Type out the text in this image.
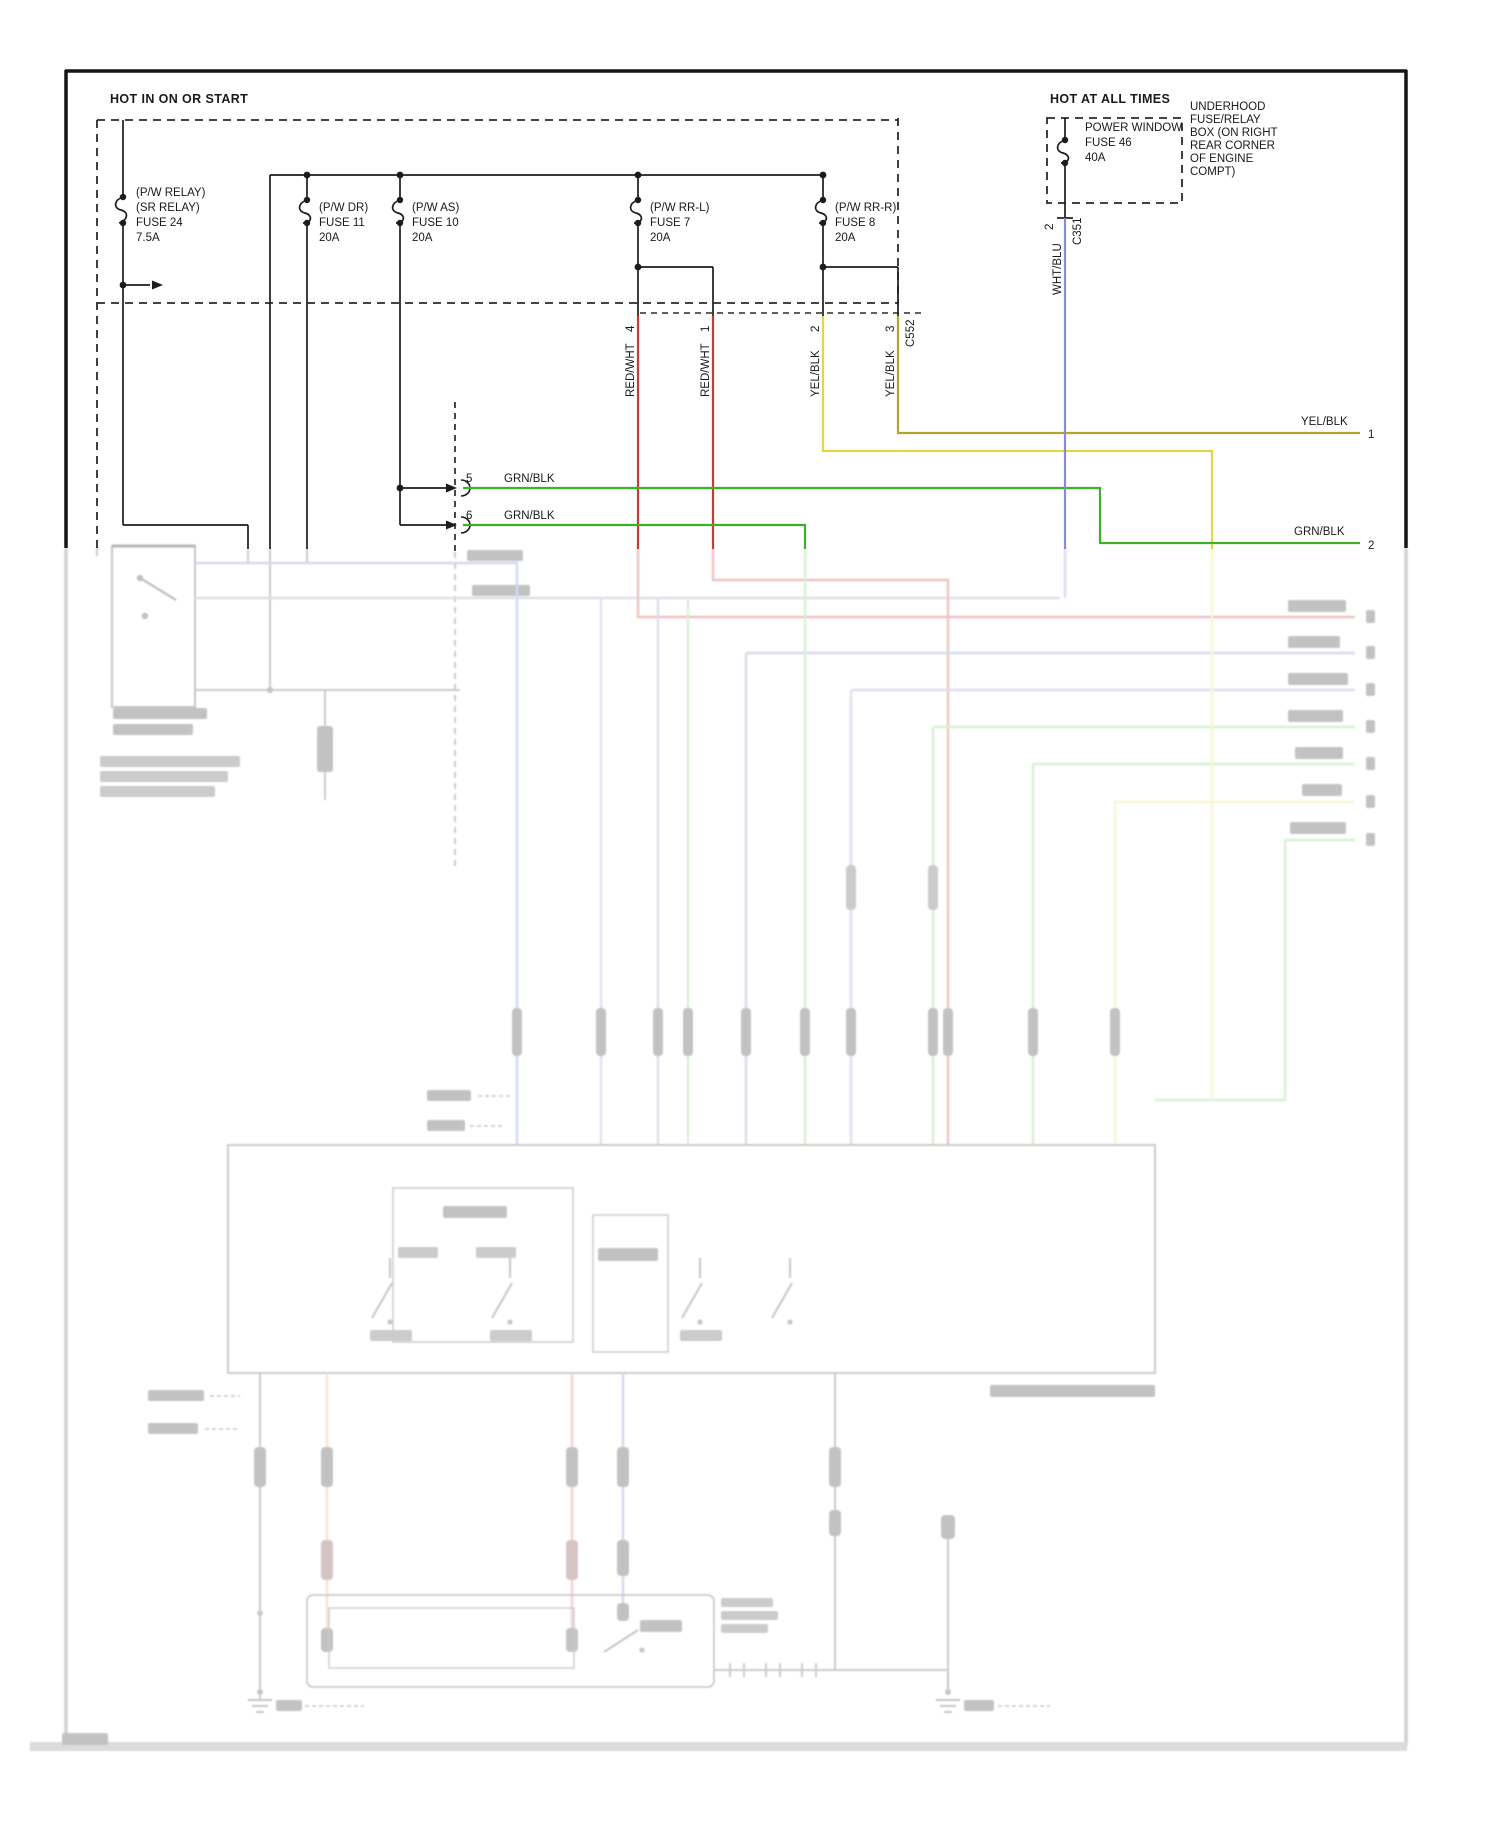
HOT IN ON OR START	HOT AT ALL TIMES
UNDERHOOD
FUSE/RELAY
BOX (ON RIGHT
REAR CORNER
OF ENGINE
COMPT)
(P/W RELAY)
(SR RELAY)
FUSE 24
7.5A
(P/W DR)
FUSE 11
20A
(P/W AS)
FUSE 10
20A
(P/W RR-L)
FUSE 7
20A
(P/W RR-R)
FUSE 8
20A
POWER WINDOW
FUSE 46
40A
RED/WHT	RED/WHT	YEL/BLK	YEL/BLK
WHT/BLU
4	1	2	3 C552
C351
2
5	GRN/BLK
6	GRN/BLK
YEL/BLK
1
GRN/BLK
2
